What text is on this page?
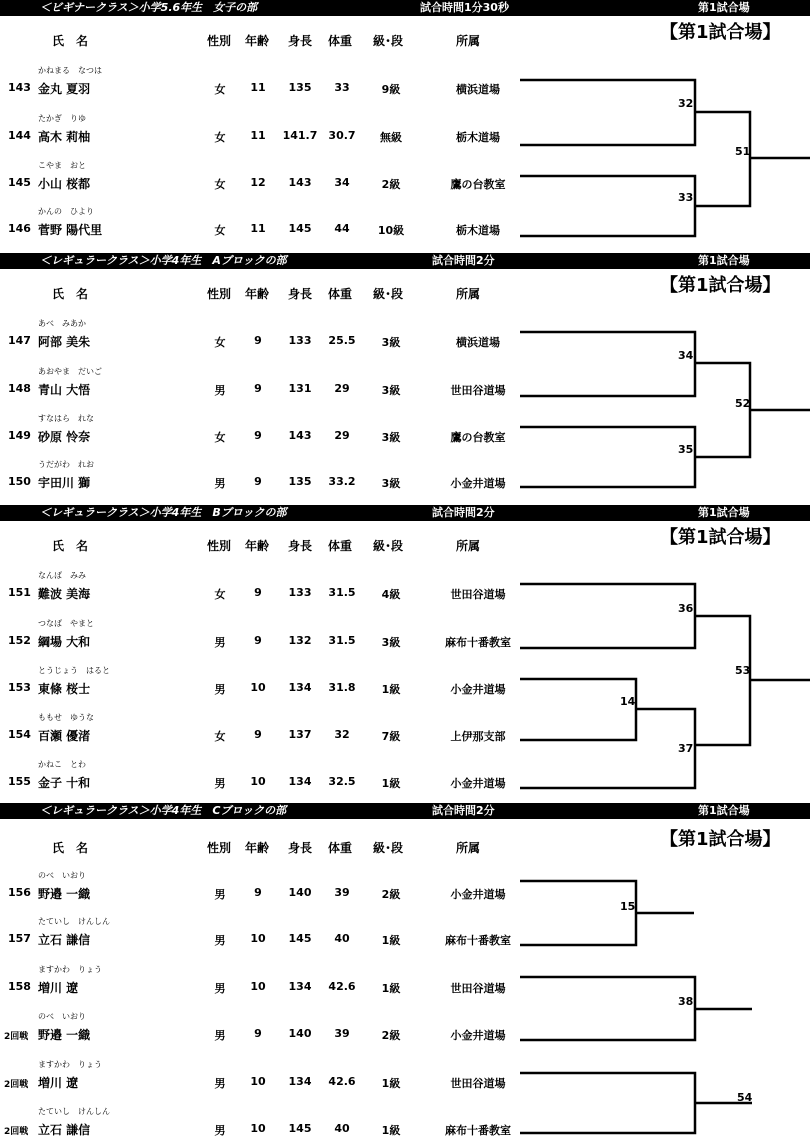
＜ビギナークラス＞小学5.6年生　女子の部	試合時間1分30秒	第1試合場
【第1試合場】
氏　名	性別 年齢 身長 体重 級･段	所属
143
かねまる　なつは
金丸 夏羽	女	11	135	33	9級	横浜道場
144
たかぎ　りゆ
高木 莉柚	女	11	141.7	30.7	無級	栃木道場
145
こやま　おと
小山 桜都	女	12	143	34	2級	鷹の台教室
146
かんの　ひより
菅野 陽代里	女	11	145	44	10級	栃木道場
32
33
51
＜レギュラークラス＞小学4年生　Aブロックの部	試合時間2分	第1試合場
【第1試合場】
氏　名	性別 年齢 身長 体重 級･段	所属
147
あべ　みあか
阿部 美朱	女	9	133	25.5	3級	横浜道場
148
あおやま　だいご
青山 大悟	男	9	131	29	3級	世田谷道場
149
すなはら　れな
砂原 怜奈	女	9	143	29	3級	鷹の台教室
150
うだがわ　れお
宇田川 獅	男	9	135	33.2	3級	小金井道場
34
35
52
＜レギュラークラス＞小学4年生　Bブロックの部	試合時間2分	第1試合場
【第1試合場】
氏　名	性別 年齢 身長 体重 級･段	所属
151
なんば　みみ
難波 美海	女	9	133	31.5	4級	世田谷道場
152
つなば　やまと
綱場 大和	男	9	132	31.5	3級	麻布十番教室
153
とうじょう　はると
東條 桜士	男	10	134	31.8	1級	小金井道場
154
ももせ　ゆうな
百瀬 優渚	女	9	137	32	7級	上伊那支部
155
かねこ　とわ
金子 十和	男	10	134	32.5	1級	小金井道場
36
14
37
53
＜レギュラークラス＞小学4年生　Cブロックの部	試合時間2分	第1試合場
【第1試合場】
氏　名	性別 年齢 身長 体重 級･段	所属
156
のべ　いおり
野邉 一織	男	9	140	39	2級	小金井道場
157
たていし　けんしん
立石 謙信	男	10	145	40	1級	麻布十番教室
158
ますかわ　りょう
増川 遼	男	10	134	42.6	1級	世田谷道場
2回戦
のべ　いおり
野邉 一織	男	9	140	39	2級	小金井道場
2回戦
ますかわ　りょう
増川 遼	男	10	134	42.6	1級	世田谷道場
2回戦
たていし　けんしん
立石 謙信	男	10	145	40	1級	麻布十番教室
15
38
54
